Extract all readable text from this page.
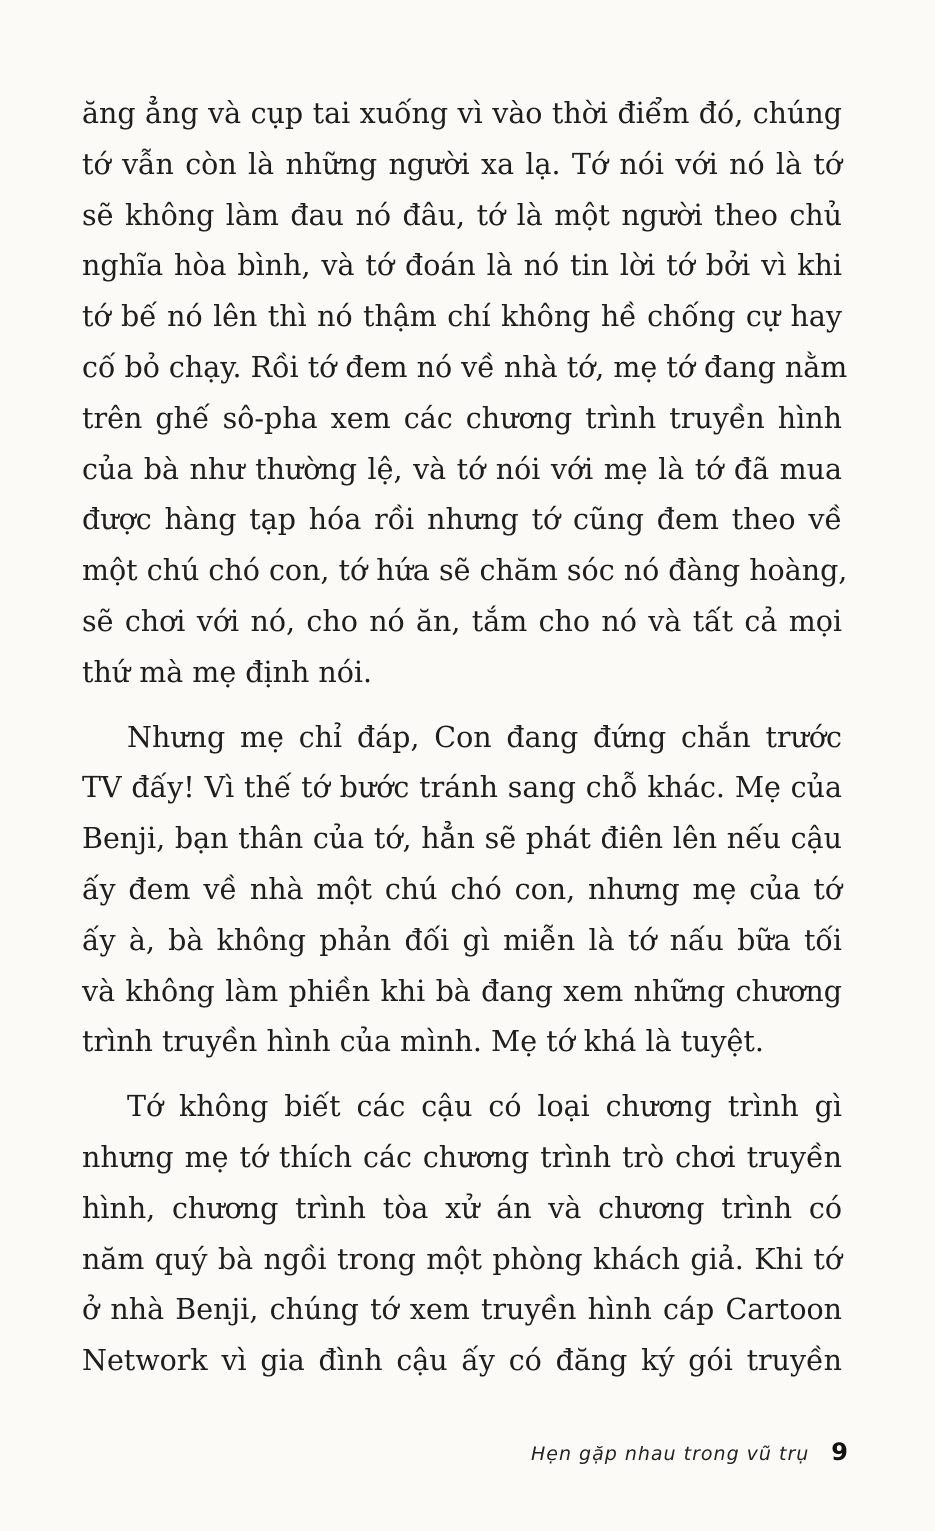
ăng ẳng và cụp tai xuống vì vào thời điểm đó, chúng
tớ vẫn còn là những người xa lạ. Tớ nói với nó là tớ
sẽ không làm đau nó đâu, tớ là một người theo chủ
nghĩa hòa bình, và tớ đoán là nó tin lời tớ bởi vì khi
tớ bế nó lên thì nó thậm chí không hề chống cự hay
cố bỏ chạy. Rồi tớ đem nó về nhà tớ, mẹ tớ đang nằm
trên ghế sô-pha xem các chương trình truyền hình
của bà như thường lệ, và tớ nói với mẹ là tớ đã mua
được hàng tạp hóa rồi nhưng tớ cũng đem theo về
một chú chó con, tớ hứa sẽ chăm sóc nó đàng hoàng,
sẽ chơi với nó, cho nó ăn, tắm cho nó và tất cả mọi
thứ mà mẹ định nói.
Nhưng mẹ chỉ đáp, Con đang đứng chắn trước
TV đấy! Vì thế tớ bước tránh sang chỗ khác. Mẹ của
Benji, bạn thân của tớ, hẳn sẽ phát điên lên nếu cậu
ấy đem về nhà một chú chó con, nhưng mẹ của tớ
ấy à, bà không phản đối gì miễn là tớ nấu bữa tối
và không làm phiền khi bà đang xem những chương
trình truyền hình của mình. Mẹ tớ khá là tuyệt.
Tớ không biết các cậu có loại chương trình gì
nhưng mẹ tớ thích các chương trình trò chơi truyền
hình, chương trình tòa xử án và chương trình có
năm quý bà ngồi trong một phòng khách giả. Khi tớ
ở nhà Benji, chúng tớ xem truyền hình cáp Cartoon
Network vì gia đình cậu ấy có đăng ký gói truyền
Hẹn gặp nhau trong vũ trụ 9
